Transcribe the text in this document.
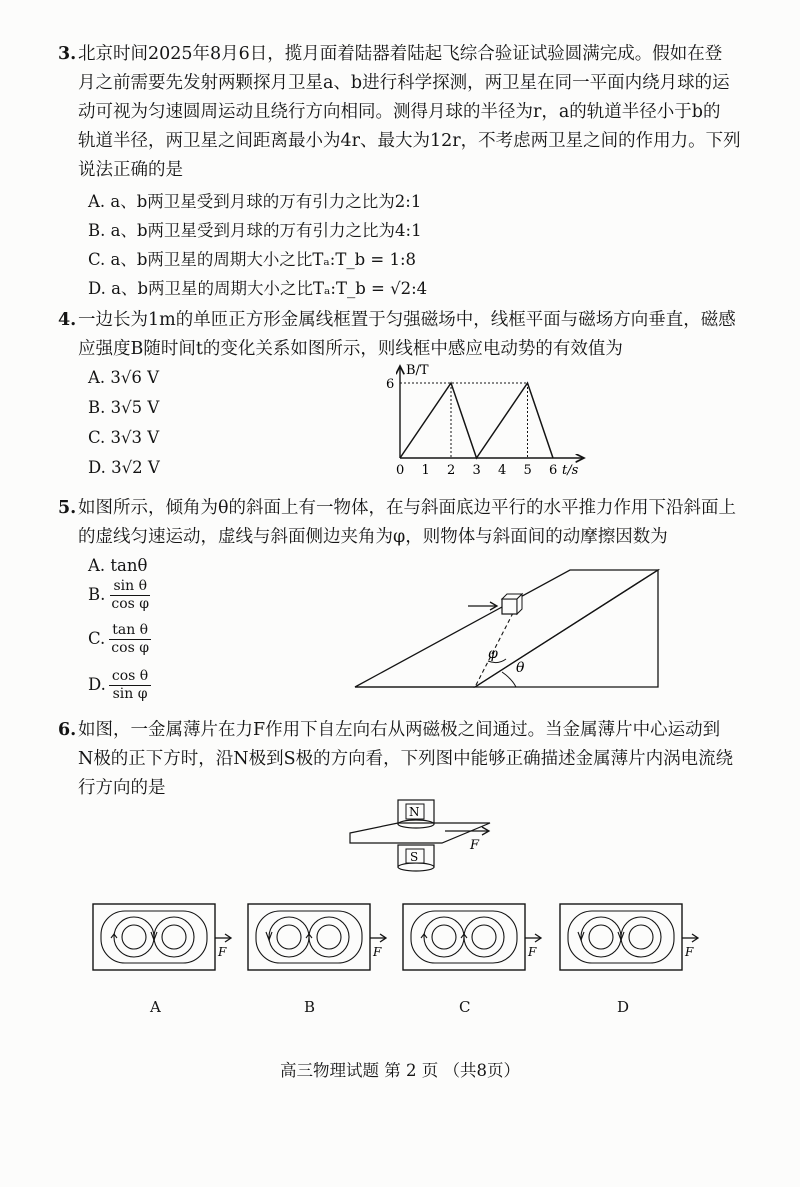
3. 北京时间2025年8月6日，揽月面着陆器着陆起飞综合验证试验圆满完成。假如在登
月之前需要先发射两颗探月卫星a、b进行科学探测，两卫星在同一平面内绕月球的运
动可视为匀速圆周运动且绕行方向相同。测得月球的半径为r，a的轨道半径小于b的
轨道半径，两卫星之间距离最小为4r、最大为12r，不考虑两卫星之间的作用力。下列
说法正确的是
A. a、b两卫星受到月球的万有引力之比为2:1
B. a、b两卫星受到月球的万有引力之比为4:1
C. a、b两卫星的周期大小之比Tₐ:T_b = 1:8
D. a、b两卫星的周期大小之比Tₐ:T_b = √2:4
4. 一边长为1m的单匝正方形金属线框置于匀强磁场中，线框平面与磁场方向垂直，磁感
应强度B随时间t的变化关系如图所示，则线框中感应电动势的有效值为
A. 3√6 V
B. 3√5 V
C. 3√3 V
D. 3√2 V
B/T
t/s
0 1 2 3 4 5 6
6
5. 如图所示，倾角为θ的斜面上有一物体，在与斜面底边平行的水平推力作用下沿斜面上
的虚线匀速运动，虚线与斜面侧边夹角为φ，则物体与斜面间的动摩擦因数为
A. tanθ
B. $\frac{\text{sin θ}}{\text{cos φ}}$
C. $\frac{\text{tan θ}}{\text{cos φ}}$
D. $\frac{\text{cos θ}}{\text{sin φ}}$
φ
θ
6. 如图，一金属薄片在力F作用下自左向右从两磁极之间通过。当金属薄片中心运动到
N极的正下方时，沿N极到S极的方向看，下列图中能够正确描述金属薄片内涡电流绕
行方向的是
N
F
S
F	F	F	F
A	B	C	D
高三物理试题 第 2 页 （共8页）
